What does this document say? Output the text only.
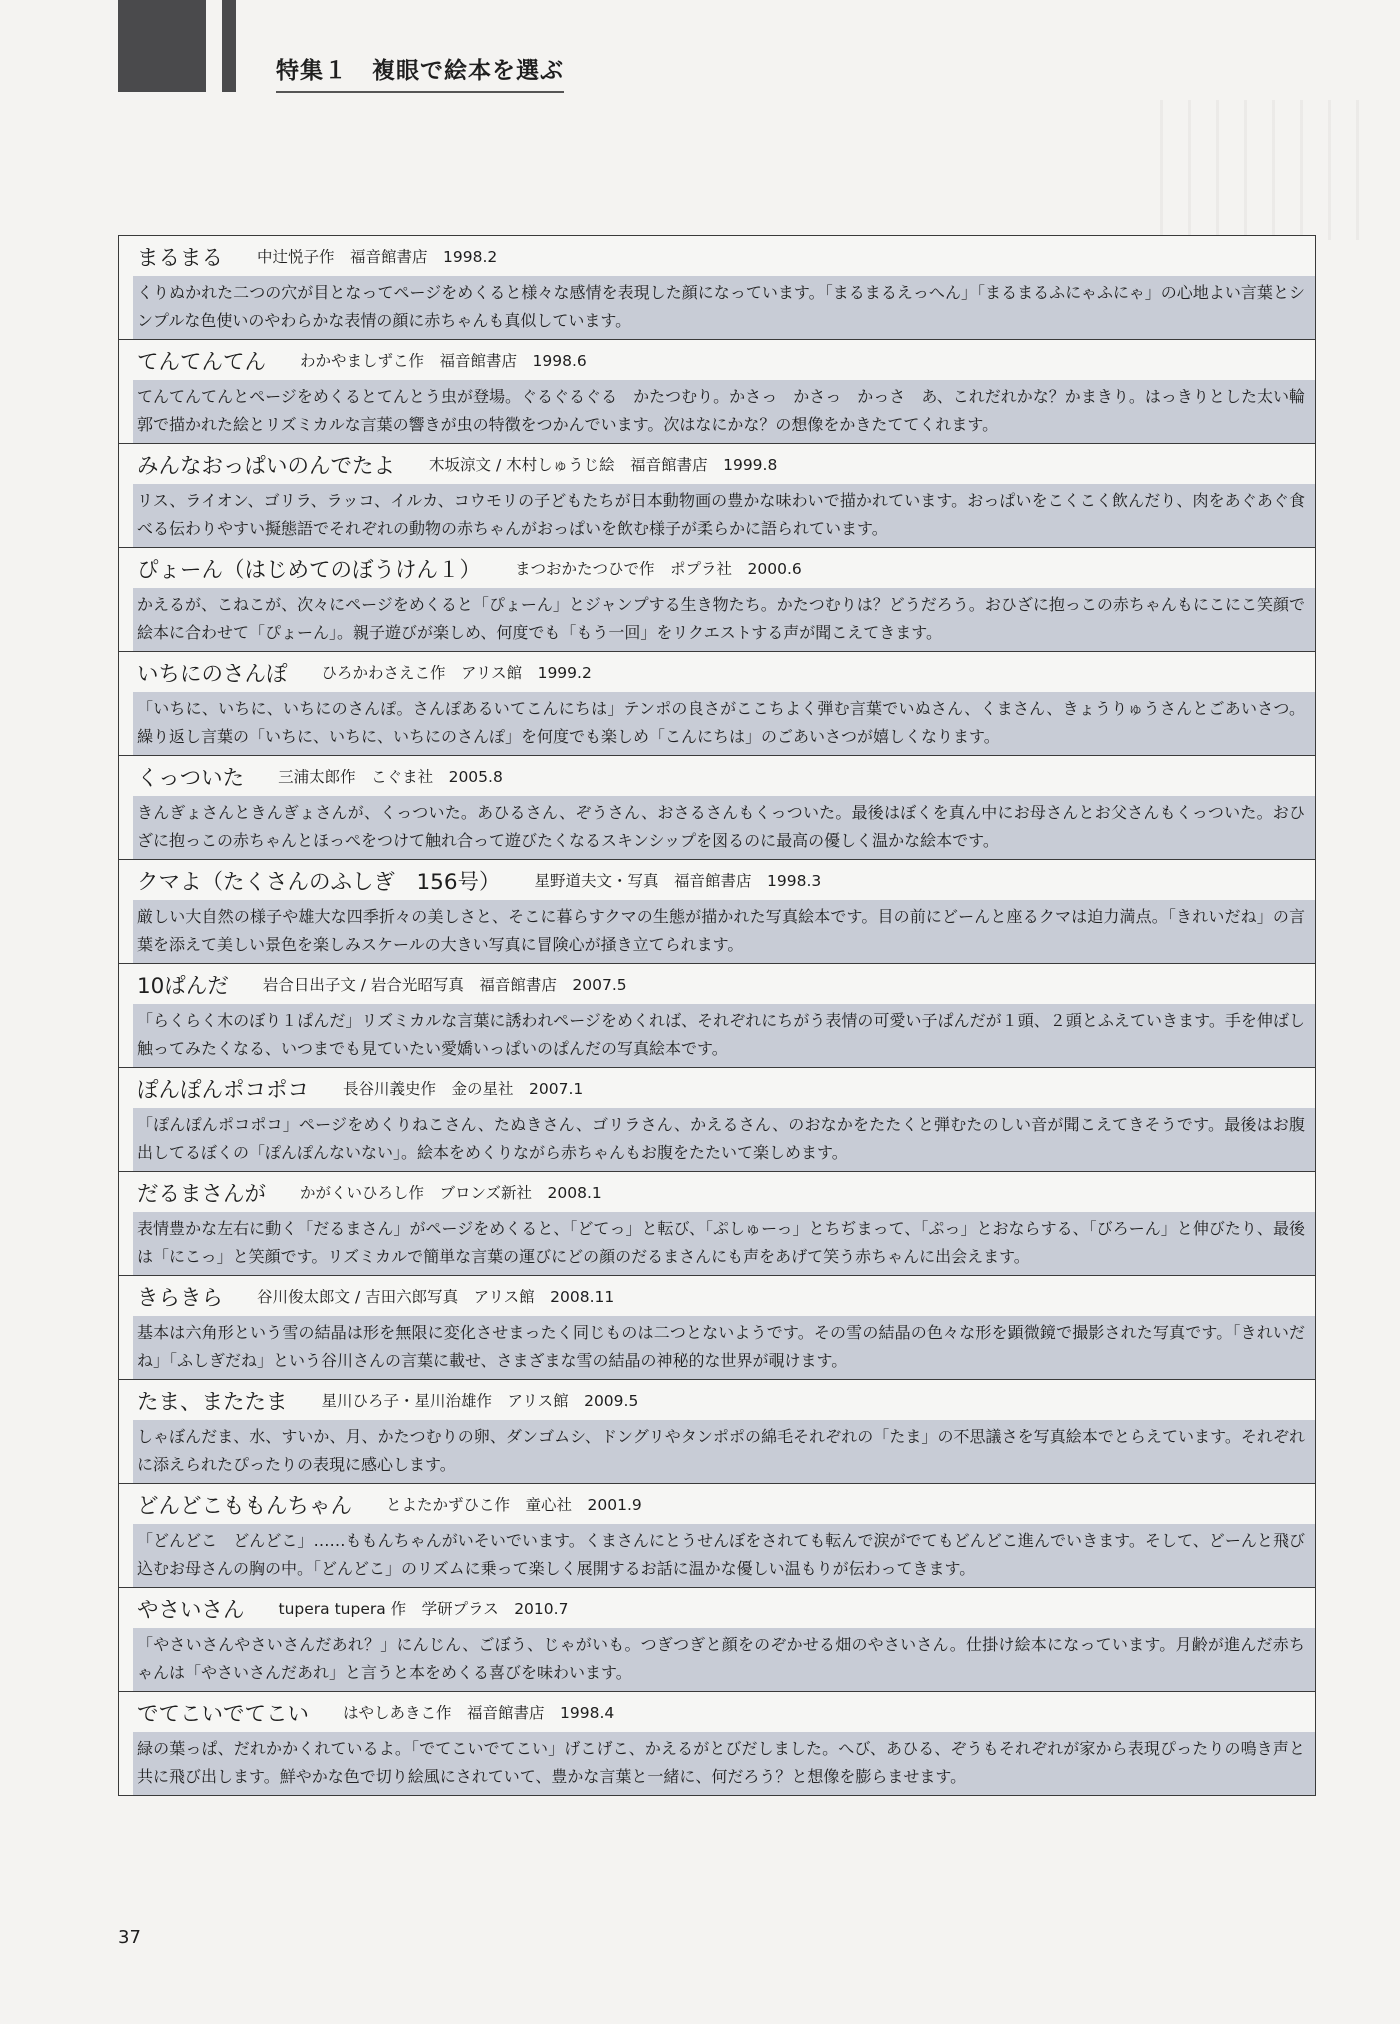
特集１　複眼で絵本を選ぶ
まるまる 中辻悦子作　福音館書店　1998.2
くりぬかれた二つの穴が目となってページをめくると様々な感情を表現した顔になっています。「まるまるえっへん」「まるまるふにゃふにゃ」の心地よい言葉とシンプルな色使いのやわらかな表情の顔に赤ちゃんも真似しています。
てんてんてん わかやましずこ作　福音館書店　1998.6
てんてんてんとページをめくるとてんとう虫が登場。ぐるぐるぐる　かたつむり。かさっ　かさっ　かっさ　あ、これだれかな？かまきり。はっきりとした太い輪郭で描かれた絵とリズミカルな言葉の響きが虫の特徴をつかんでいます。次はなにかな？の想像をかきたててくれます。
みんなおっぱいのんでたよ 木坂涼文 / 木村しゅうじ絵　福音館書店　1999.8
リス、ライオン、ゴリラ、ラッコ、イルカ、コウモリの子どもたちが日本動物画の豊かな味わいで描かれています。おっぱいをこくこく飲んだり、肉をあぐあぐ食べる伝わりやすい擬態語でそれぞれの動物の赤ちゃんがおっぱいを飲む様子が柔らかに語られています。
ぴょーん（はじめてのぼうけん１） まつおかたつひで作　ポプラ社　2000.6
かえるが、こねこが、次々にページをめくると「ぴょーん」とジャンプする生き物たち。かたつむりは？どうだろう。おひざに抱っこの赤ちゃんもにこにこ笑顔で絵本に合わせて「ぴょーん」。親子遊びが楽しめ、何度でも「もう一回」をリクエストする声が聞こえてきます。
いちにのさんぽ ひろかわさえこ作　アリス館　1999.2
「いちに、いちに、いちにのさんぽ。さんぽあるいてこんにちは」テンポの良さがここちよく弾む言葉でいぬさん、くまさん、きょうりゅうさんとごあいさつ。繰り返し言葉の「いちに、いちに、いちにのさんぽ」を何度でも楽しめ「こんにちは」のごあいさつが嬉しくなります。
くっついた 三浦太郎作　こぐま社　2005.8
きんぎょさんときんぎょさんが、くっついた。あひるさん、ぞうさん、おさるさんもくっついた。最後はぼくを真ん中にお母さんとお父さんもくっついた。おひざに抱っこの赤ちゃんとほっぺをつけて触れ合って遊びたくなるスキンシップを図るのに最高の優しく温かな絵本です。
クマよ（たくさんのふしぎ　156号） 星野道夫文・写真　福音館書店　1998.3
厳しい大自然の様子や雄大な四季折々の美しさと、そこに暮らすクマの生態が描かれた写真絵本です。目の前にどーんと座るクマは迫力満点。「きれいだね」の言葉を添えて美しい景色を楽しみスケールの大きい写真に冒険心が掻き立てられます。
10ぱんだ 岩合日出子文 / 岩合光昭写真　福音館書店　2007.5
「らくらく木のぼり１ぱんだ」リズミカルな言葉に誘われページをめくれば、それぞれにちがう表情の可愛い子ぱんだが１頭、２頭とふえていきます。手を伸ばし触ってみたくなる、いつまでも見ていたい愛嬌いっぱいのぱんだの写真絵本です。
ぽんぽんポコポコ 長谷川義史作　金の星社　2007.1
「ぽんぽんポコポコ」ページをめくりねこさん、たぬきさん、ゴリラさん、かえるさん、のおなかをたたくと弾むたのしい音が聞こえてきそうです。最後はお腹出してるぼくの「ぽんぽんないない」。絵本をめくりながら赤ちゃんもお腹をたたいて楽しめます。
だるまさんが かがくいひろし作　ブロンズ新社　2008.1
表情豊かな左右に動く「だるまさん」がページをめくると、「どてっ」と転び、「ぷしゅーっ」とちぢまって、「ぷっ」とおならする、「びろーん」と伸びたり、最後は「にこっ」と笑顔です。リズミカルで簡単な言葉の運びにどの顔のだるまさんにも声をあげて笑う赤ちゃんに出会えます。
きらきら 谷川俊太郎文 / 吉田六郎写真　アリス館　2008.11
基本は六角形という雪の結晶は形を無限に変化させまったく同じものは二つとないようです。その雪の結晶の色々な形を顕微鏡で撮影された写真です。「きれいだね」「ふしぎだね」という谷川さんの言葉に載せ、さまざまな雪の結晶の神秘的な世界が覗けます。
たま、またたま 星川ひろ子・星川治雄作　アリス館　2009.5
しゃぼんだま、水、すいか、月、かたつむりの卵、ダンゴムシ、ドングリやタンポポの綿毛それぞれの「たま」の不思議さを写真絵本でとらえています。それぞれに添えられたぴったりの表現に感心します。
どんどこももんちゃん とよたかずひこ作　童心社　2001.9
「どんどこ　どんどこ」……ももんちゃんがいそいでいます。くまさんにとうせんぼをされても転んで涙がでてもどんどこ進んでいきます。そして、どーんと飛び込むお母さんの胸の中。「どんどこ」のリズムに乗って楽しく展開するお話に温かな優しい温もりが伝わってきます。
やさいさん tupera tupera 作　学研プラス　2010.7
「やさいさんやさいさんだあれ？」にんじん、ごぼう、じゃがいも。つぎつぎと顔をのぞかせる畑のやさいさん。仕掛け絵本になっています。月齢が進んだ赤ちゃんは「やさいさんだあれ」と言うと本をめくる喜びを味わいます。
でてこいでてこい はやしあきこ作　福音館書店　1998.4
緑の葉っぱ、だれかかくれているよ。「でてこいでてこい」げこげこ、かえるがとびだしました。へび、あひる、ぞうもそれぞれが家から表現ぴったりの鳴き声と共に飛び出します。鮮やかな色で切り絵風にされていて、豊かな言葉と一緒に、何だろう？と想像を膨らませます。
37
